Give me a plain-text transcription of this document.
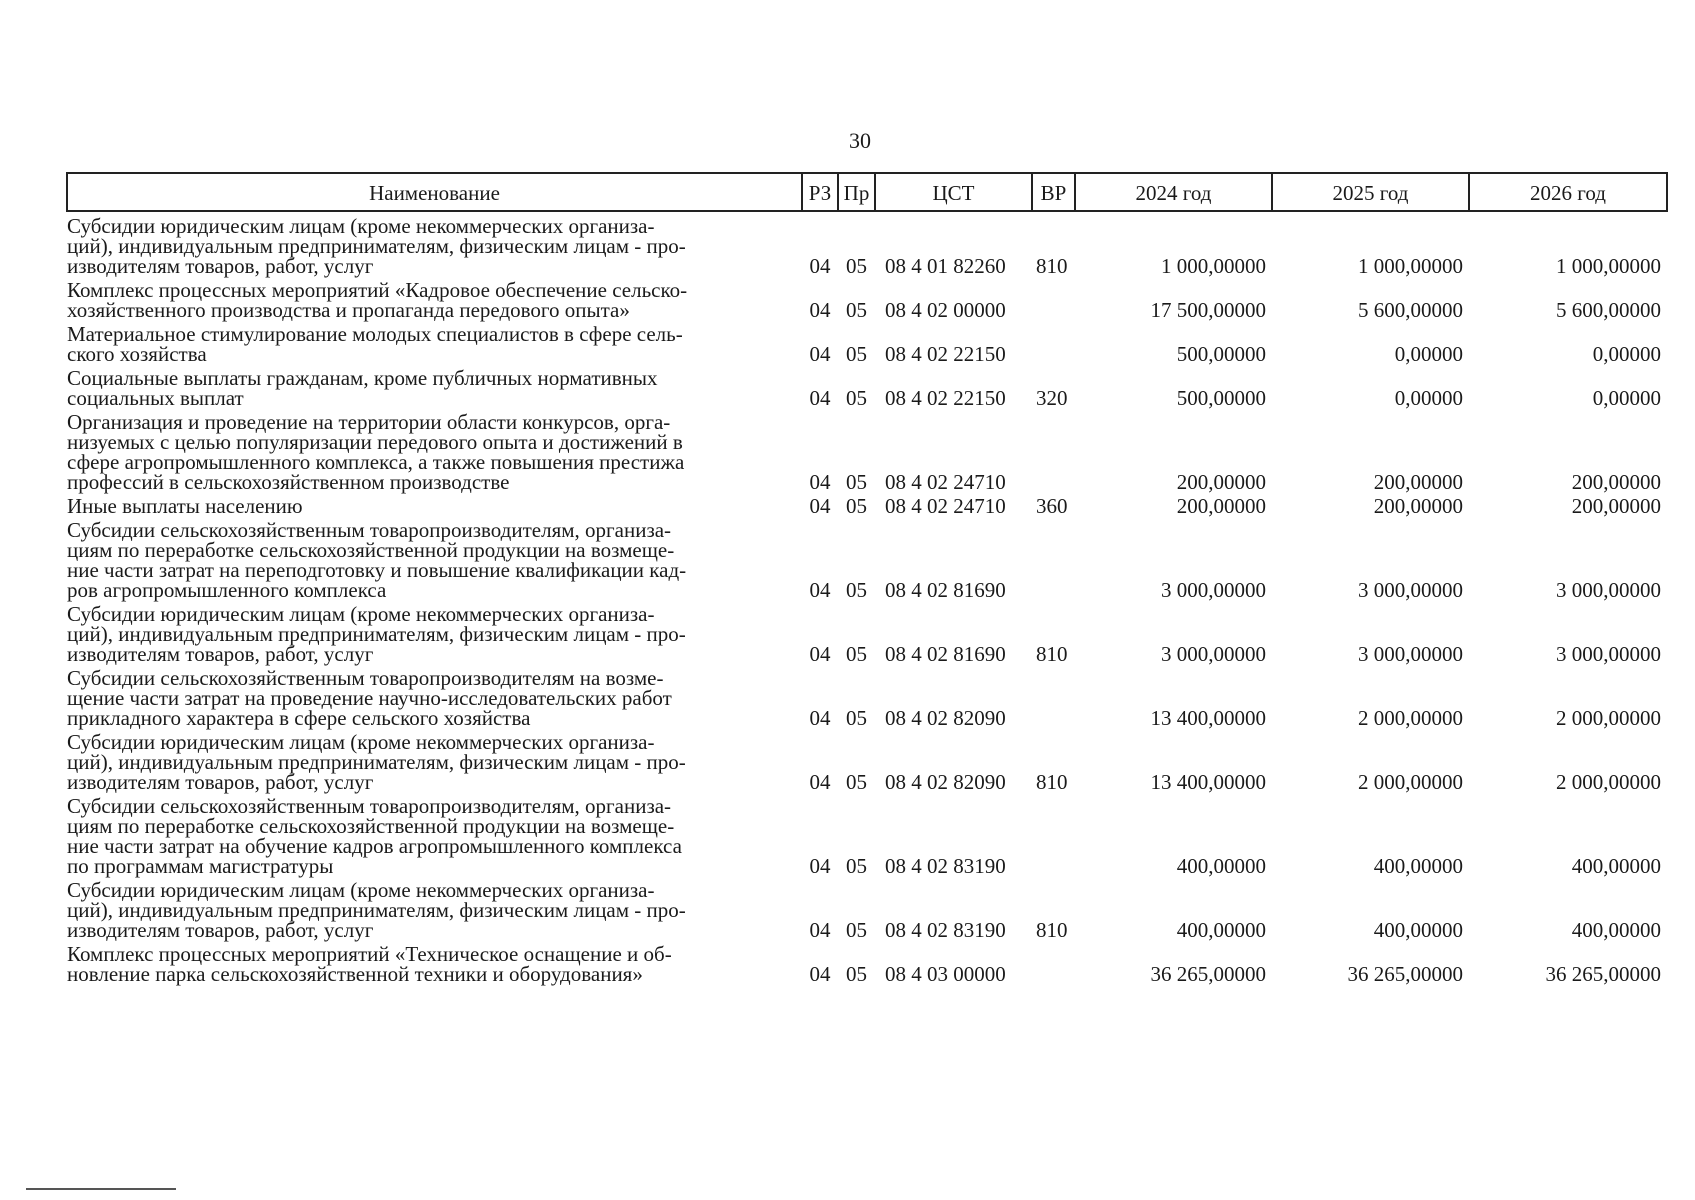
30
Наименование	РЗ	Пр	ЦСТ	ВР	2024 год	2025 год	2026 год
Субсидии юридическим лицам (кроме некоммерческих организа-
ций), индивидуальным предпринимателям, физическим лицам - про-
изводителям товаров, работ, услуг	04	05	08 4 01 82260	810	1 000,00000	1 000,00000	1 000,00000
Комплекс процессных мероприятий «Кадровое обеспечение сельско-
хозяйственного производства и пропаганда передового опыта»	04	05	08 4 02 00000		17 500,00000	5 600,00000	5 600,00000
Материальное стимулирование молодых специалистов в сфере сель-
ского хозяйства	04	05	08 4 02 22150		500,00000	0,00000	0,00000
Социальные выплаты гражданам, кроме публичных нормативных
социальных выплат	04	05	08 4 02 22150	320	500,00000	0,00000	0,00000
Организация и проведение на территории области конкурсов, орга-
низуемых с целью популяризации передового опыта и достижений в
сфере агропромышленного комплекса, а также повышения престижа
профессий в сельскохозяйственном производстве	04	05	08 4 02 24710		200,00000	200,00000	200,00000
Иные выплаты населению	04	05	08 4 02 24710	360	200,00000	200,00000	200,00000
Субсидии сельскохозяйственным товаропроизводителям, организа-
циям по переработке сельскохозяйственной продукции на возмеще-
ние части затрат на переподготовку и повышение квалификации кад-
ров агропромышленного комплекса	04	05	08 4 02 81690		3 000,00000	3 000,00000	3 000,00000
Субсидии юридическим лицам (кроме некоммерческих организа-
ций), индивидуальным предпринимателям, физическим лицам - про-
изводителям товаров, работ, услуг	04	05	08 4 02 81690	810	3 000,00000	3 000,00000	3 000,00000
Субсидии сельскохозяйственным товаропроизводителям на возме-
щение части затрат на проведение научно-исследовательских работ
прикладного характера в сфере сельского хозяйства	04	05	08 4 02 82090		13 400,00000	2 000,00000	2 000,00000
Субсидии юридическим лицам (кроме некоммерческих организа-
ций), индивидуальным предпринимателям, физическим лицам - про-
изводителям товаров, работ, услуг	04	05	08 4 02 82090	810	13 400,00000	2 000,00000	2 000,00000
Субсидии сельскохозяйственным товаропроизводителям, организа-
циям по переработке сельскохозяйственной продукции на возмеще-
ние части затрат на обучение кадров агропромышленного комплекса
по программам магистратуры	04	05	08 4 02 83190		400,00000	400,00000	400,00000
Субсидии юридическим лицам (кроме некоммерческих организа-
ций), индивидуальным предпринимателям, физическим лицам - про-
изводителям товаров, работ, услуг	04	05	08 4 02 83190	810	400,00000	400,00000	400,00000
Комплекс процессных мероприятий «Техническое оснащение и об-
новление парка сельскохозяйственной техники и оборудования»	04	05	08 4 03 00000		36 265,00000	36 265,00000	36 265,00000
